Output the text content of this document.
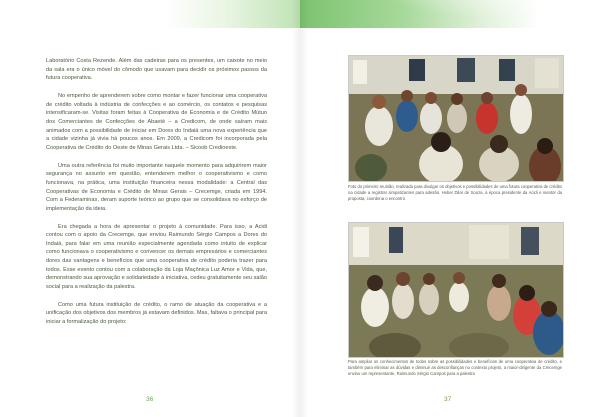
Laboratório Costa Rezende. Além das cadeiras para os presentes, um caixote no meio da sala era o único móvel do cômodo que usavam para decidir os próximos passos da futura cooperativa.

No empenho de aprenderem sobre como montar e fazer funcionar uma cooperativa de crédito voltada à indústria de confecções e ao comércio, os contatos e pesquisas intensificaram-se. Visitas foram feitas à Cooperativa de Economia e de Crédito Mútuo dos Comerciantes de Confecções de Abaeté – a Credicom, de onde saíram mais animados com a possibilidade de iniciar em Dores do Indaiá uma nova experiência que a cidade vizinha já vivia há poucos anos. Em 2009, a Credicom foi incorporada pela Cooperativa de Crédito do Oeste de Minas Gerais Ltda. – Sicoob Credioeste.

Uma outra referência foi muito importante naquele momento para adquirirem maior segurança no assunto em questão, entenderem melhor o cooperativismo e como funcionava, na prática, uma instituição financeira nessa modalidade: a Central das Cooperativas de Economia e Crédito de Minas Gerais – Crecemge, criada em 1994. Com a Federaminas, deram suporte teórico ao grupo que se consolidava no esforço de implementação da ideia.

Era chegada a hora de apresentar o projeto à comunidade. Para isso, a Acidi contou com o apoio da Crecemge, que enviou Raimundo Sérgio Campos a Dores do Indaiá, para falar em uma reunião especialmente agendada como intuito de explicar como funcionava o cooperativismo e convencer os demais empresários e comerciantes dores das vantagens e benefícios que uma cooperativa de crédito poderia trazer para todos. Esse evento contou com a colaboração da Loja Maçônica Luz Amor e Vida, que, demonstrando sua aprovação e solidariedade à iniciativa, cedeu gratuitamente seu salão social para a realização da palestra.

Como uma futura instituição de crédito, o ramo de atuação da cooperativa e a unificação dos objetivos dos membros já estavam definidos. Mas, faltava o principal para iniciar a formalização do projeto:

36

Foto do primeiro reunião, realizada para divulgar os objetivos e possibilidades de uma futura cooperativa de crédito na cidade a registrar simpatizantes para adesão. Heber Dilar de Souza, à época presidente da Acidi e mentor da proposta, coordena o encontro

Para ampliar os conhecimentos de todos sobre as possibilidades e benefícios de uma cooperativa de crédito, e também para eliminar as dúvidas e diminuir as desconfianças no contexto projeto, a maior-dirigente da Crecemge enviou um representante, Raimundo Sérgio Campos para a palestra

37
